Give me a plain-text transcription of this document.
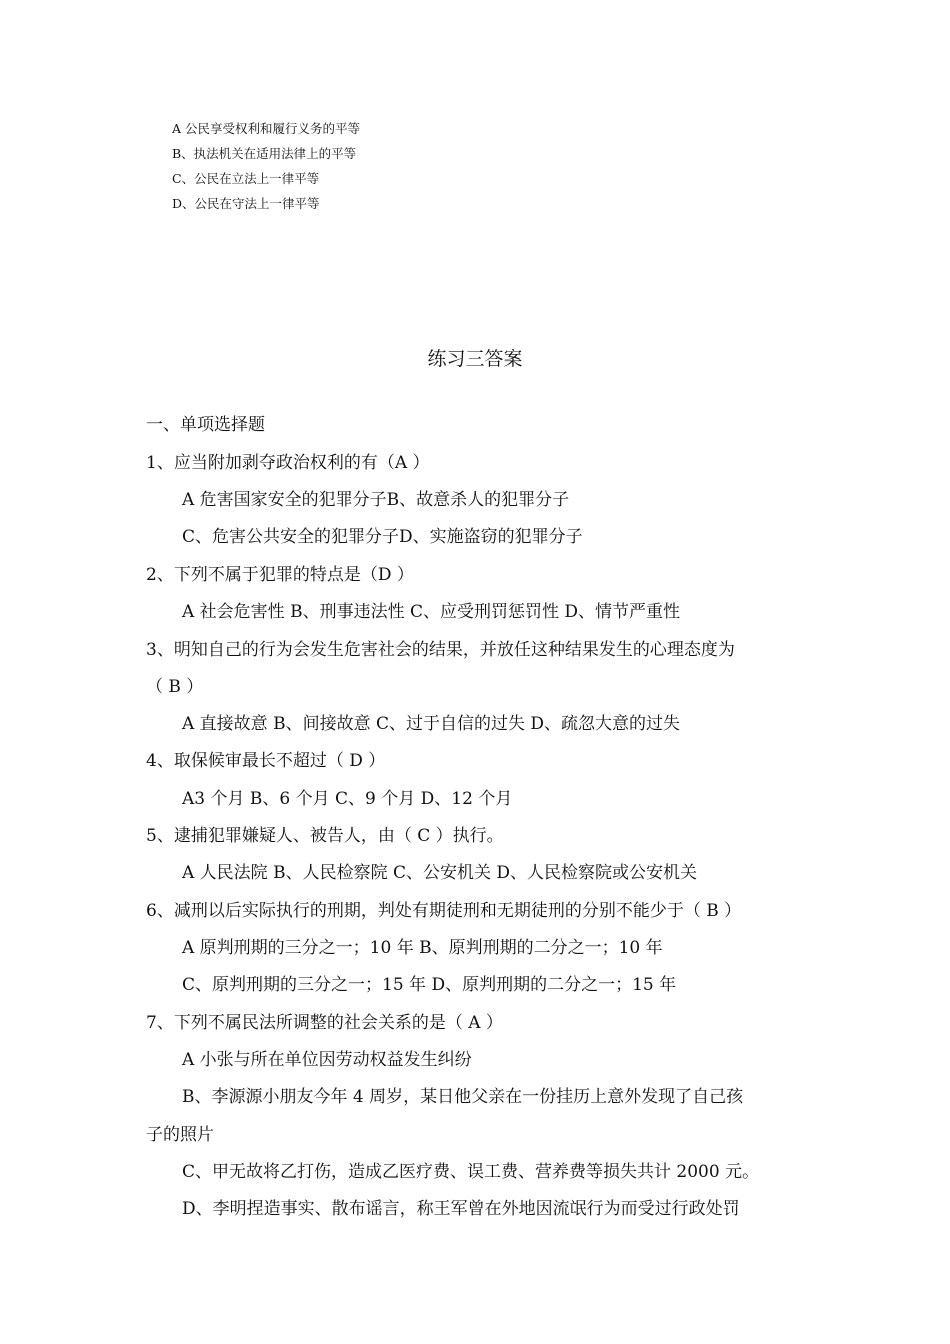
A 公民享受权利和履行义务的平等
B、执法机关在适用法律上的平等
C、公民在立法上一律平等
D、公民在守法上一律平等
练习三答案
一、单项选择题
1、应当附加剥夺政治权利的有（A ）
A 危害国家安全的犯罪分子B、故意杀人的犯罪分子
C、危害公共安全的犯罪分子D、实施盗窃的犯罪分子
2、下列不属于犯罪的特点是（D ）
A 社会危害性 B、刑事违法性 C、应受刑罚惩罚性 D、情节严重性
3、明知自己的行为会发生危害社会的结果，并放任这种结果发生的心理态度为
（ B ）
A 直接故意 B、间接故意 C、过于自信的过失 D、疏忽大意的过失
4、取保候审最长不超过（ D ）
A3 个月 B、6 个月 C、9 个月 D、12 个月
5、逮捕犯罪嫌疑人、被告人，由（ C ）执行。
A 人民法院 B、人民检察院 C、公安机关 D、人民检察院或公安机关
6、减刑以后实际执行的刑期，判处有期徒刑和无期徒刑的分别不能少于（ B ）
A 原判刑期的三分之一；10 年 B、原判刑期的二分之一；10 年
C、原判刑期的三分之一；15 年 D、原判刑期的二分之一；15 年
7、下列不属民法所调整的社会关系的是（ A ）
A 小张与所在单位因劳动权益发生纠纷
B、李源源小朋友今年 4 周岁，某日他父亲在一份挂历上意外发现了自己孩
子的照片
C、甲无故将乙打伤，造成乙医疗费、误工费、营养费等损失共计 2000 元。
D、李明捏造事实、散布谣言，称王军曾在外地因流氓行为而受过行政处罚
